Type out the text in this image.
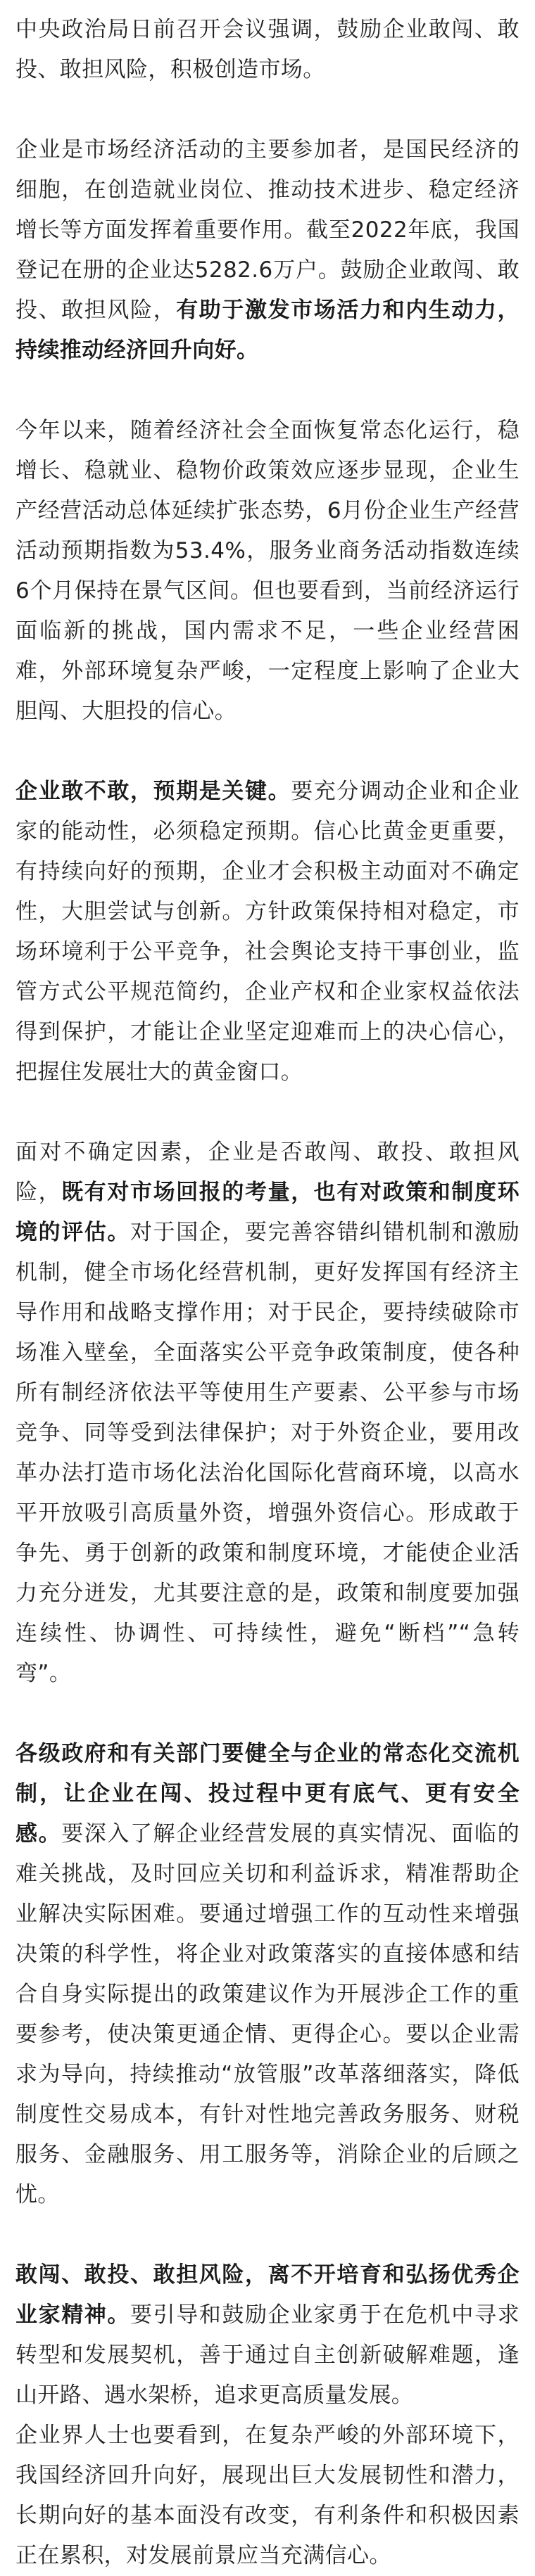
中央政治局日前召开会议强调，鼓励企业敢闯、敢投、敢担风险，积极创造市场。

企业是市场经济活动的主要参加者，是国民经济的细胞，在创造就业岗位、推动技术进步、稳定经济增长等方面发挥着重要作用。截至2022年底，我国登记在册的企业达5282.6万户。鼓励企业敢闯、敢投、敢担风险，有助于激发市场活力和内生动力，持续推动经济回升向好。

今年以来，随着经济社会全面恢复常态化运行，稳增长、稳就业、稳物价政策效应逐步显现，企业生产经营活动总体延续扩张态势，6月份企业生产经营活动预期指数为53.4%，服务业商务活动指数连续6个月保持在景气区间。但也要看到，当前经济运行面临新的挑战，国内需求不足，一些企业经营困难，外部环境复杂严峻，一定程度上影响了企业大胆闯、大胆投的信心。

企业敢不敢，预期是关键。要充分调动企业和企业家的能动性，必须稳定预期。信心比黄金更重要，有持续向好的预期，企业才会积极主动面对不确定性，大胆尝试与创新。方针政策保持相对稳定，市场环境利于公平竞争，社会舆论支持干事创业，监管方式公平规范简约，企业产权和企业家权益依法得到保护，才能让企业坚定迎难而上的决心信心，把握住发展壮大的黄金窗口。

面对不确定因素，企业是否敢闯、敢投、敢担风险，既有对市场回报的考量，也有对政策和制度环境的评估。对于国企，要完善容错纠错机制和激励机制，健全市场化经营机制，更好发挥国有经济主导作用和战略支撑作用；对于民企，要持续破除市场准入壁垒，全面落实公平竞争政策制度，使各种所有制经济依法平等使用生产要素、公平参与市场竞争、同等受到法律保护；对于外资企业，要用改革办法打造市场化法治化国际化营商环境，以高水平开放吸引高质量外资，增强外资信心。形成敢于争先、勇于创新的政策和制度环境，才能使企业活力充分迸发，尤其要注意的是，政策和制度要加强连续性、协调性、可持续性，避免“断档”“急转弯”。

各级政府和有关部门要健全与企业的常态化交流机制，让企业在闯、投过程中更有底气、更有安全感。要深入了解企业经营发展的真实情况、面临的难关挑战，及时回应关切和利益诉求，精准帮助企业解决实际困难。要通过增强工作的互动性来增强决策的科学性，将企业对政策落实的直接体感和结合自身实际提出的政策建议作为开展涉企工作的重要参考，使决策更通企情、更得企心。要以企业需求为导向，持续推动“放管服”改革落细落实，降低制度性交易成本，有针对性地完善政务服务、财税服务、金融服务、用工服务等，消除企业的后顾之忧。

敢闯、敢投、敢担风险，离不开培育和弘扬优秀企业家精神。要引导和鼓励企业家勇于在危机中寻求转型和发展契机，善于通过自主创新破解难题，逢山开路、遇水架桥，追求更高质量发展。

企业界人士也要看到，在复杂严峻的外部环境下，我国经济回升向好，展现出巨大发展韧性和潜力，长期向好的基本面没有改变，有利条件和积极因素正在累积，对发展前景应当充满信心。
